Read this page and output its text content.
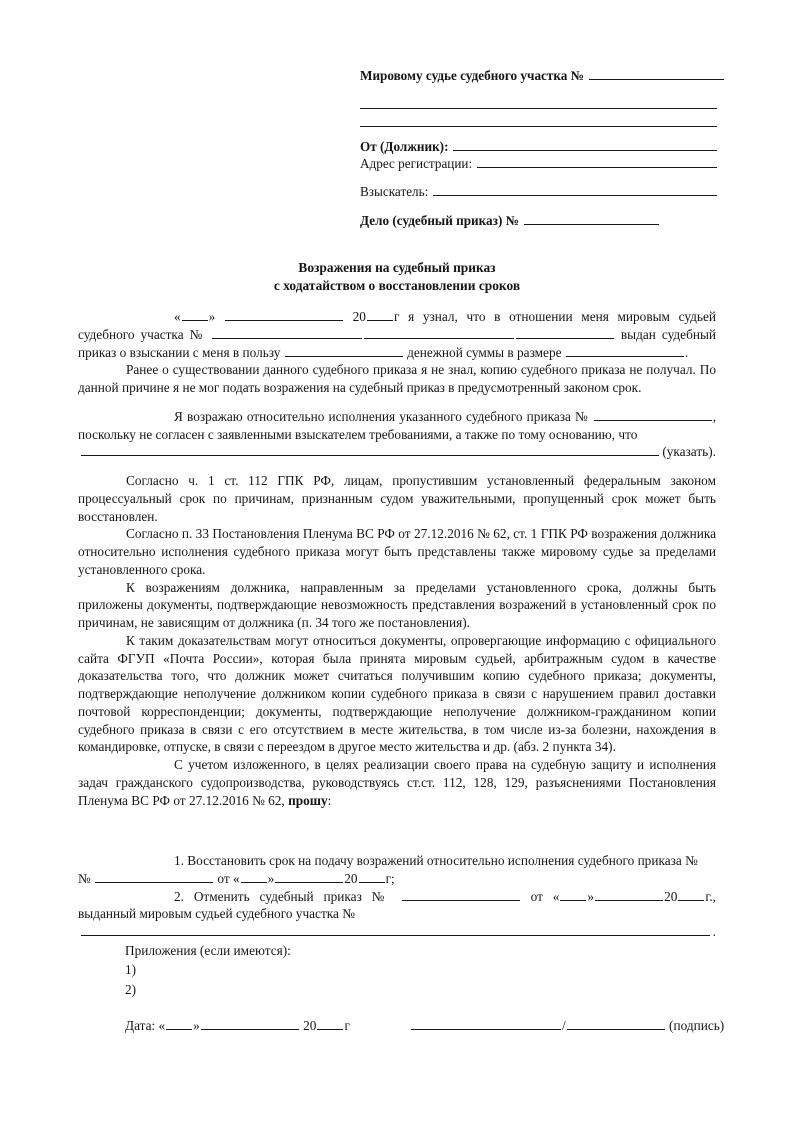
Мировому судье судебного участка №
От (Должник):
Адрес регистрации:
Взыскатель:
Дело (судебный приказ) №
Возражения на судебный приказ
с ходатайством о восстановлении сроков

« »	20 г я узнал, что в отношении меня мировым судьей судебного участка №	выдан судебный приказ о взыскании с меня в пользу	денежной суммы в размере	.

Ранее о существовании данного судебного приказа я не знал, копию судебного приказа не получал. По данной причине я не мог подать возражения на судебный приказ в предусмотренный законом срок.

Я возражаю относительно исполнения указанного судебного приказа №	, поскольку не согласен с заявленными взыскателем требованиями, а также по тому основанию, что

(указать).

Согласно ч. 1 ст. 112 ГПК РФ, лицам, пропустившим установленный федеральным законом процессуальный срок по причинам, признанным судом уважительными, пропущенный срок может быть восстановлен.

Согласно п. 33 Постановления Пленума ВС РФ от 27.12.2016 № 62, ст. 1 ГПК РФ возражения должника относительно исполнения судебного приказа могут быть представлены также мировому судье за пределами установленного срока.

К возражениям должника, направленным за пределами установленного срока, должны быть приложены документы, подтверждающие невозможность представления возражений в установленный срок по причинам, не зависящим от должника (п. 34 того же постановления).

К таким доказательствам могут относиться документы, опровергающие информацию с официального сайта ФГУП «Почта России», которая была принята мировым судьей, арбитражным судом в качестве доказательства того, что должник может считаться получившим копию судебного приказа; документы, подтверждающие неполучение должником копии судебного приказа в связи с нарушением правил доставки почтовой корреспонденции; документы, подтверждающие неполучение должником-гражданином копии судебного приказа в связи с его отсутствием в месте жительства, в том числе из-за болезни, нахождения в командировке, отпуске, в связи с переездом в другое место жительства и др. (абз. 2 пункта 34).

С учетом изложенного, в целях реализации своего права на судебную защиту и исполнения задач гражданского судопроизводства, руководствуясь ст.ст. 112, 128, 129, разъяснениями Постановления Пленума ВС РФ от 27.12.2016 № 62, прошу:

1. Восстановить срок на подачу возражений относительно исполнения судебного приказа №

№	от « »	20 г;

2. Отменить судебный приказ №	от « »	20 г., выданный мировым судьей судебного участка №

.
Приложения (если имеются):
1)
2)
Дата: « »	20 г	/	(подпись)
